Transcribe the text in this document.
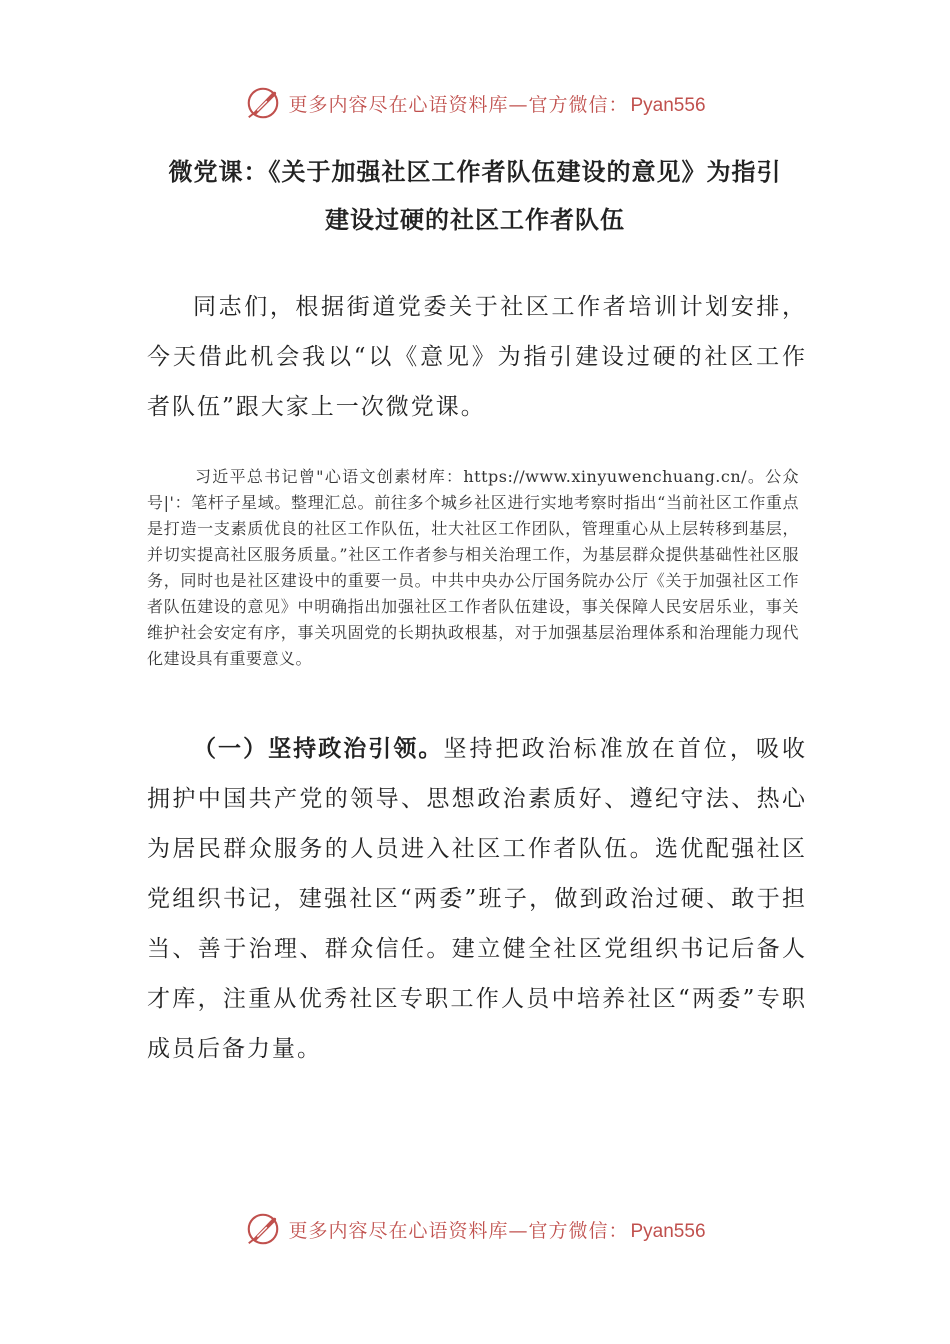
更多内容尽在心语资料库—官方微信： Pyan556
微党课：《关于加强社区工作者队伍建设的意见》为指引
建设过硬的社区工作者队伍

同志们，根据街道党委关于社区工作者培训计划安排，今天借此机会我以“以《意见》为指引建设过硬的社区工作者队伍”跟大家上一次微党课。

习近平总书记曾"心语文创素材库：https://www.xinyuwenchuang.cn/。公众号|'：笔杆子星域。整理汇总。前往多个城乡社区进行实地考察时指出“当前社区工作重点是打造一支素质优良的社区工作队伍，壮大社区工作团队，管理重心从上层转移到基层，并切实提高社区服务质量。”社区工作者参与相关治理工作，为基层群众提供基础性社区服务，同时也是社区建设中的重要一员。中共中央办公厅国务院办公厅《关于加强社区工作者队伍建设的意见》中明确指出加强社区工作者队伍建设，事关保障人民安居乐业，事关维护社会安定有序，事关巩固党的长期执政根基，对于加强基层治理体系和治理能力现代化建设具有重要意义。

（一）坚持政治引领。坚持把政治标准放在首位，吸收拥护中国共产党的领导、思想政治素质好、遵纪守法、热心为居民群众服务的人员进入社区工作者队伍。选优配强社区党组织书记，建强社区“两委”班子，做到政治过硬、敢于担当、善于治理、群众信任。建立健全社区党组织书记后备人才库，注重从优秀社区专职工作人员中培养社区“两委”专职成员后备力量。

更多内容尽在心语资料库—官方微信： Pyan556
